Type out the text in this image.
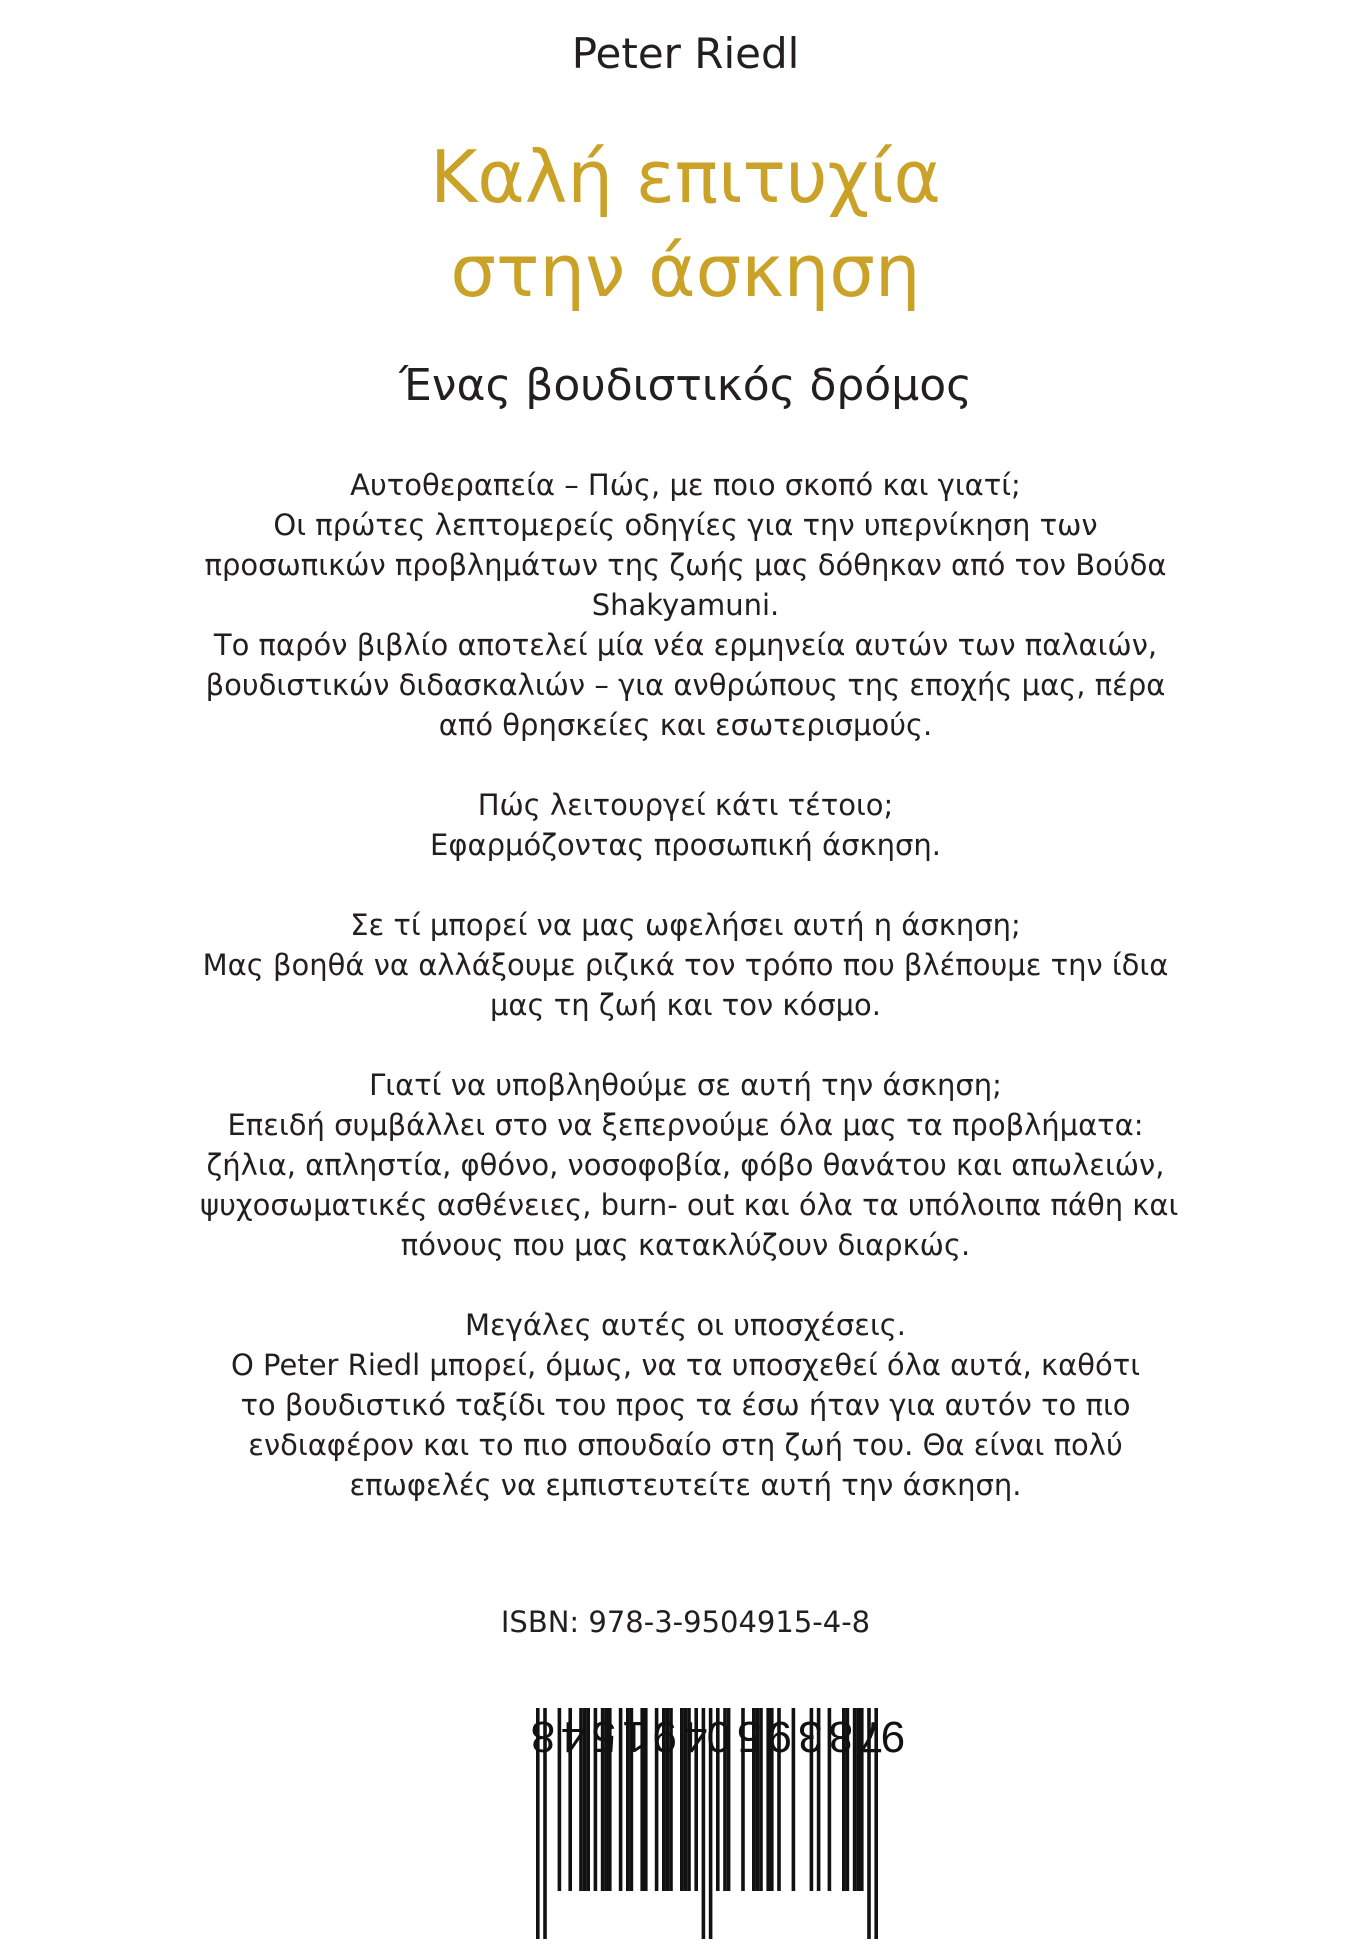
Peter Riedl
Καλή επιτυχία
στην άσκηση
Ένας βουδιστικός δρόμος
Αυτοθεραπεία – Πώς, με ποιο σκοπό και γιατί;
Οι πρώτες λεπτομερείς οδηγίες για την υπερνίκηση των
προσωπικών προβλημάτων της ζωής μας δόθηκαν από τον Βούδα
Shakyamuni.
Το παρόν βιβλίο αποτελεί μία νέα ερμηνεία αυτών των παλαιών,
βουδιστικών διδασκαλιών – για ανθρώπους της εποχής μας, πέρα
από θρησκείες και εσωτερισμούς.
Πώς λειτουργεί κάτι τέτοιο;
Εφαρμόζοντας προσωπική άσκηση.
Σε τί μπορεί να μας ωφελήσει αυτή η άσκηση;
Μας βοηθά να αλλάξουμε ριζικά τον τρόπο που βλέπουμε την ίδια
μας τη ζωή και τον κόσμο.
Γιατί να υποβληθούμε σε αυτή την άσκηση;
Επειδή συμβάλλει στο να ξεπερνούμε όλα μας τα προβλήματα:
ζήλια, απληστία, φθόνο, νοσοφοβία, φόβο θανάτου και απωλειών,
ψυχοσωματικές ασθένειες, burn- out και όλα τα υπόλοιπα πάθη και
πόνους που μας κατακλύζουν διαρκώς.
Μεγάλες αυτές οι υποσχέσεις.
Ο Peter Riedl μπορεί, όμως, να τα υποσχεθεί όλα αυτά, καθότι
το βουδιστικό ταξίδι του προς τα έσω ήταν για αυτόν το πιο
ενδιαφέρον και το πιο σπουδαίο στη ζωή του. Θα είναι πολύ
επωφελές να εμπιστευτείτε αυτή την άσκηση.
ISBN: 978-3-9504915-4-8
9
783950
491548
